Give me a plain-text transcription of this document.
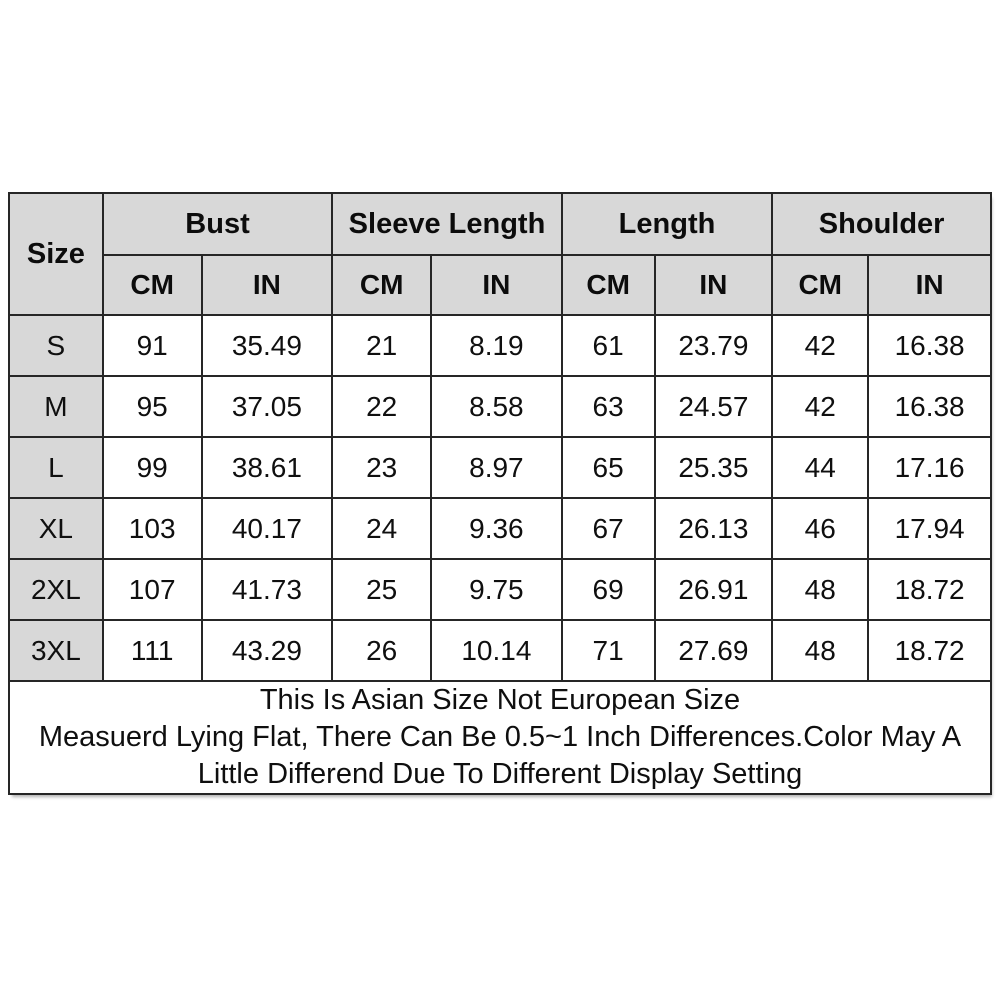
Size	Bust		Sleeve Length		Length		Shoulder	
	CM	IN	CM	IN	CM	IN	CM	IN
S	91	35.49	21	8.19	61	23.79	42	16.38
M	95	37.05	22	8.58	63	24.57	42	16.38
L	99	38.61	23	8.97	65	25.35	44	17.16
XL	103	40.17	24	9.36	67	26.13	46	17.94
2XL	107	41.73	25	9.75	69	26.91	48	18.72
3XL	111	43.29	26	10.14	71	27.69	48	18.72

This Is Asian Size Not European Size
Measuerd Lying Flat, There Can Be 0.5~1 Inch Differences.Color May A
Little Differend Due To Different Display Setting								
